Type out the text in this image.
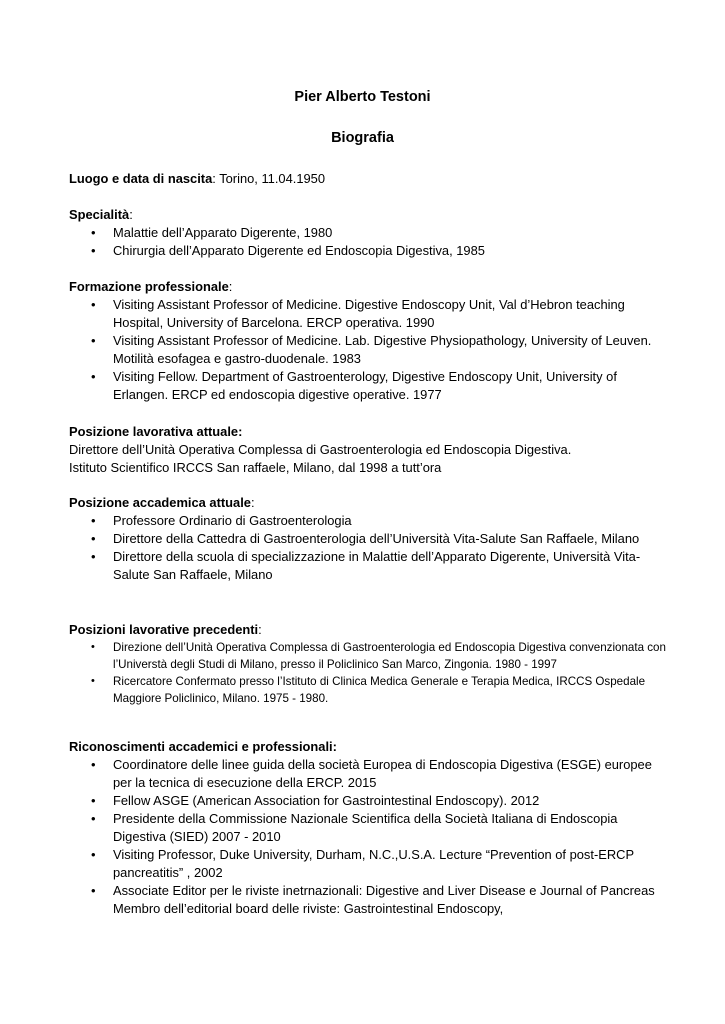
Pier Alberto Testoni
Biografia
Luogo e data di nascita: Torino, 11.04.1950
Specialità:
• Malattie dell’Apparato Digerente, 1980
• Chirurgia dell’Apparato Digerente ed Endoscopia Digestiva, 1985
Formazione professionale:
• Visiting Assistant Professor of Medicine. Digestive Endoscopy Unit, Val d’Hebron teaching Hospital, University of Barcelona. ERCP operativa. 1990
• Visiting Assistant Professor of Medicine. Lab. Digestive Physiopathology, University of Leuven. Motilità esofagea e gastro-duodenale. 1983
• Visiting Fellow. Department of Gastroenterology, Digestive Endoscopy Unit, University of Erlangen. ERCP ed endoscopia digestive operative. 1977
Posizione lavorativa attuale:
Direttore dell’Unità Operativa Complessa di Gastroenterologia ed Endoscopia Digestiva.
Istituto Scientifico IRCCS San raffaele, Milano, dal 1998 a tutt’ora
Posizione accademica attuale:
• Professore Ordinario di Gastroenterologia
• Direttore della Cattedra di Gastroenterologia dell’Università Vita-Salute San Raffaele, Milano
• Direttore della scuola di specializzazione in Malattie dell’Apparato Digerente, Università Vita-Salute San Raffaele, Milano
Posizioni lavorative precedenti:
• Direzione dell’Unità Operativa Complessa di Gastroenterologia ed Endoscopia Digestiva convenzionata con l’Universtà degli Studi di Milano, presso il Policlinico San Marco, Zingonia. 1980 - 1997
• Ricercatore Confermato presso l’Istituto di Clinica Medica Generale e Terapia Medica, IRCCS Ospedale Maggiore Policlinico, Milano. 1975 - 1980.
Riconoscimenti accademici e professionali:
• Coordinatore delle linee guida della società Europea di Endoscopia Digestiva (ESGE) europee per la tecnica di esecuzione della ERCP. 2015
• Fellow ASGE (American Association for Gastrointestinal Endoscopy). 2012
• Presidente della Commissione Nazionale Scientifica della Società Italiana di Endoscopia Digestiva (SIED) 2007 - 2010
• Visiting Professor, Duke University, Durham, N.C.,U.S.A. Lecture “Prevention of post-ERCP pancreatitis” , 2002
• Associate Editor per le riviste inetrnazionali: Digestive and Liver Disease e Journal of Pancreas Membro dell’editorial board delle riviste: Gastrointestinal Endoscopy,
